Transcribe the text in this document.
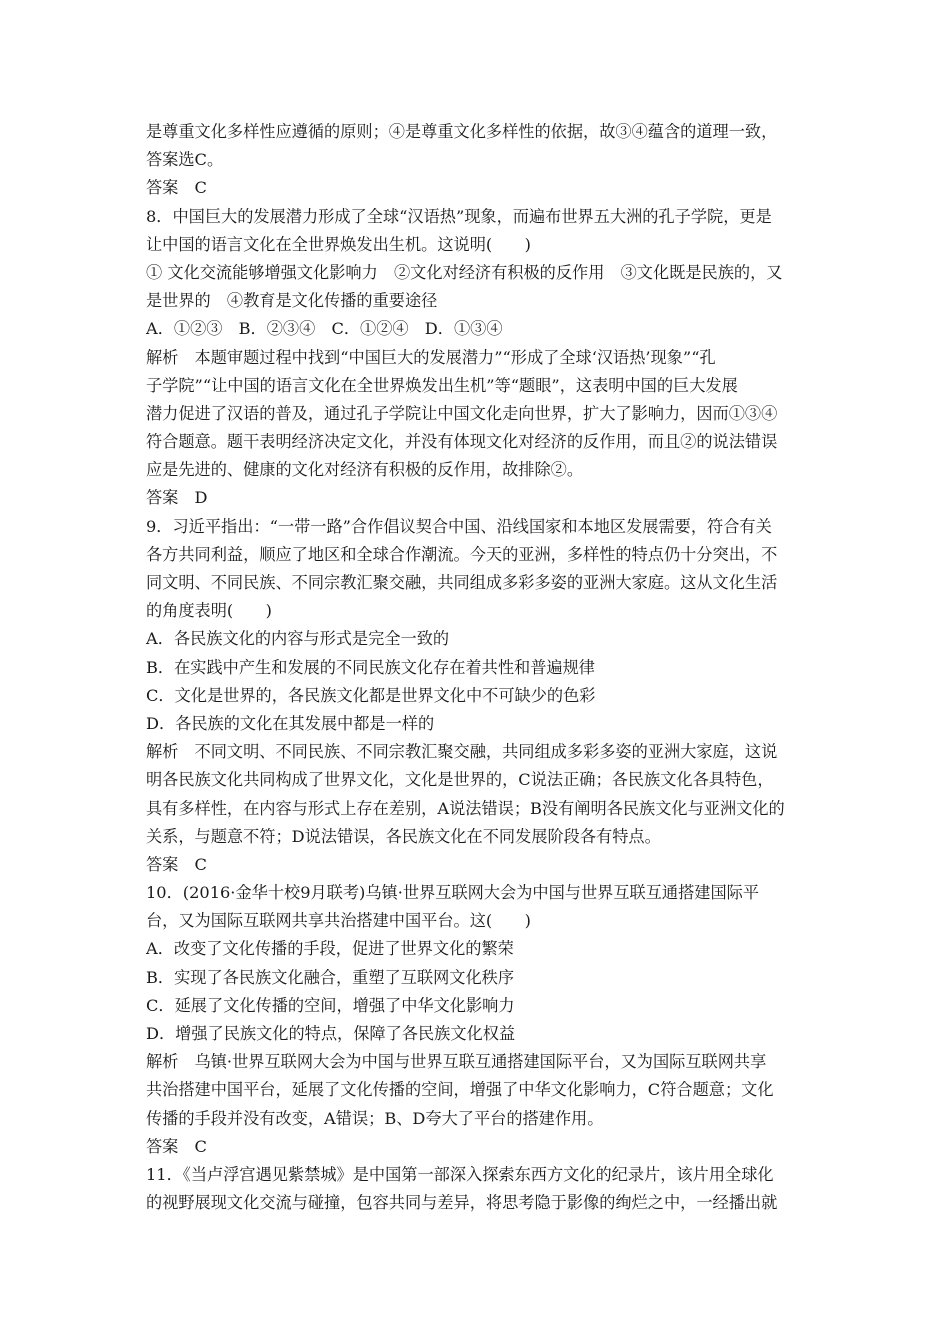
是尊重文化多样性应遵循的原则；④是尊重文化多样性的依据，故③④蕴含的道理一致，
答案选C。
答案　C
8．中国巨大的发展潜力形成了全球“汉语热”现象，而遍布世界五大洲的孔子学院，更是
让中国的语言文化在全世界焕发出生机。这说明(　　)
① 文化交流能够增强文化影响力　②文化对经济有积极的反作用　③文化既是民族的，又
是世界的　④教育是文化传播的重要途径
A．①②③　B．②③④　C．①②④　D．①③④
解析　本题审题过程中找到“中国巨大的发展潜力”“形成了全球‘汉语热’现象”“孔
子学院”“让中国的语言文化在全世界焕发出生机”等“题眼”，这表明中国的巨大发展
潜力促进了汉语的普及，通过孔子学院让中国文化走向世界，扩大了影响力，因而①③④
符合题意。题干表明经济决定文化，并没有体现文化对经济的反作用，而且②的说法错误
应是先进的、健康的文化对经济有积极的反作用，故排除②。
答案　D
9．习近平指出：“一带一路”合作倡议契合中国、沿线国家和本地区发展需要，符合有关
各方共同利益，顺应了地区和全球合作潮流。今天的亚洲，多样性的特点仍十分突出，不
同文明、不同民族、不同宗教汇聚交融，共同组成多彩多姿的亚洲大家庭。这从文化生活
的角度表明(　　)
A．各民族文化的内容与形式是完全一致的
B．在实践中产生和发展的不同民族文化存在着共性和普遍规律
C．文化是世界的，各民族文化都是世界文化中不可缺少的色彩
D．各民族的文化在其发展中都是一样的
解析　不同文明、不同民族、不同宗教汇聚交融，共同组成多彩多姿的亚洲大家庭，这说
明各民族文化共同构成了世界文化，文化是世界的，C说法正确；各民族文化各具特色，
具有多样性，在内容与形式上存在差别，A说法错误；B没有阐明各民族文化与亚洲文化的
关系，与题意不符；D说法错误，各民族文化在不同发展阶段各有特点。
答案　C
10．(2016·金华十校9月联考)乌镇·世界互联网大会为中国与世界互联互通搭建国际平
台，又为国际互联网共享共治搭建中国平台。这(　　)
A．改变了文化传播的手段，促进了世界文化的繁荣
B．实现了各民族文化融合，重塑了互联网文化秩序
C．延展了文化传播的空间，增强了中华文化影响力
D．增强了民族文化的特点，保障了各民族文化权益
解析　乌镇·世界互联网大会为中国与世界互联互通搭建国际平台，又为国际互联网共享
共治搭建中国平台，延展了文化传播的空间，增强了中华文化影响力，C符合题意；文化
传播的手段并没有改变，A错误；B、D夸大了平台的搭建作用。
答案　C
11．《当卢浮宫遇见紫禁城》是中国第一部深入探索东西方文化的纪录片，该片用全球化
的视野展现文化交流与碰撞，包容共同与差异，将思考隐于影像的绚烂之中，一经播出就
